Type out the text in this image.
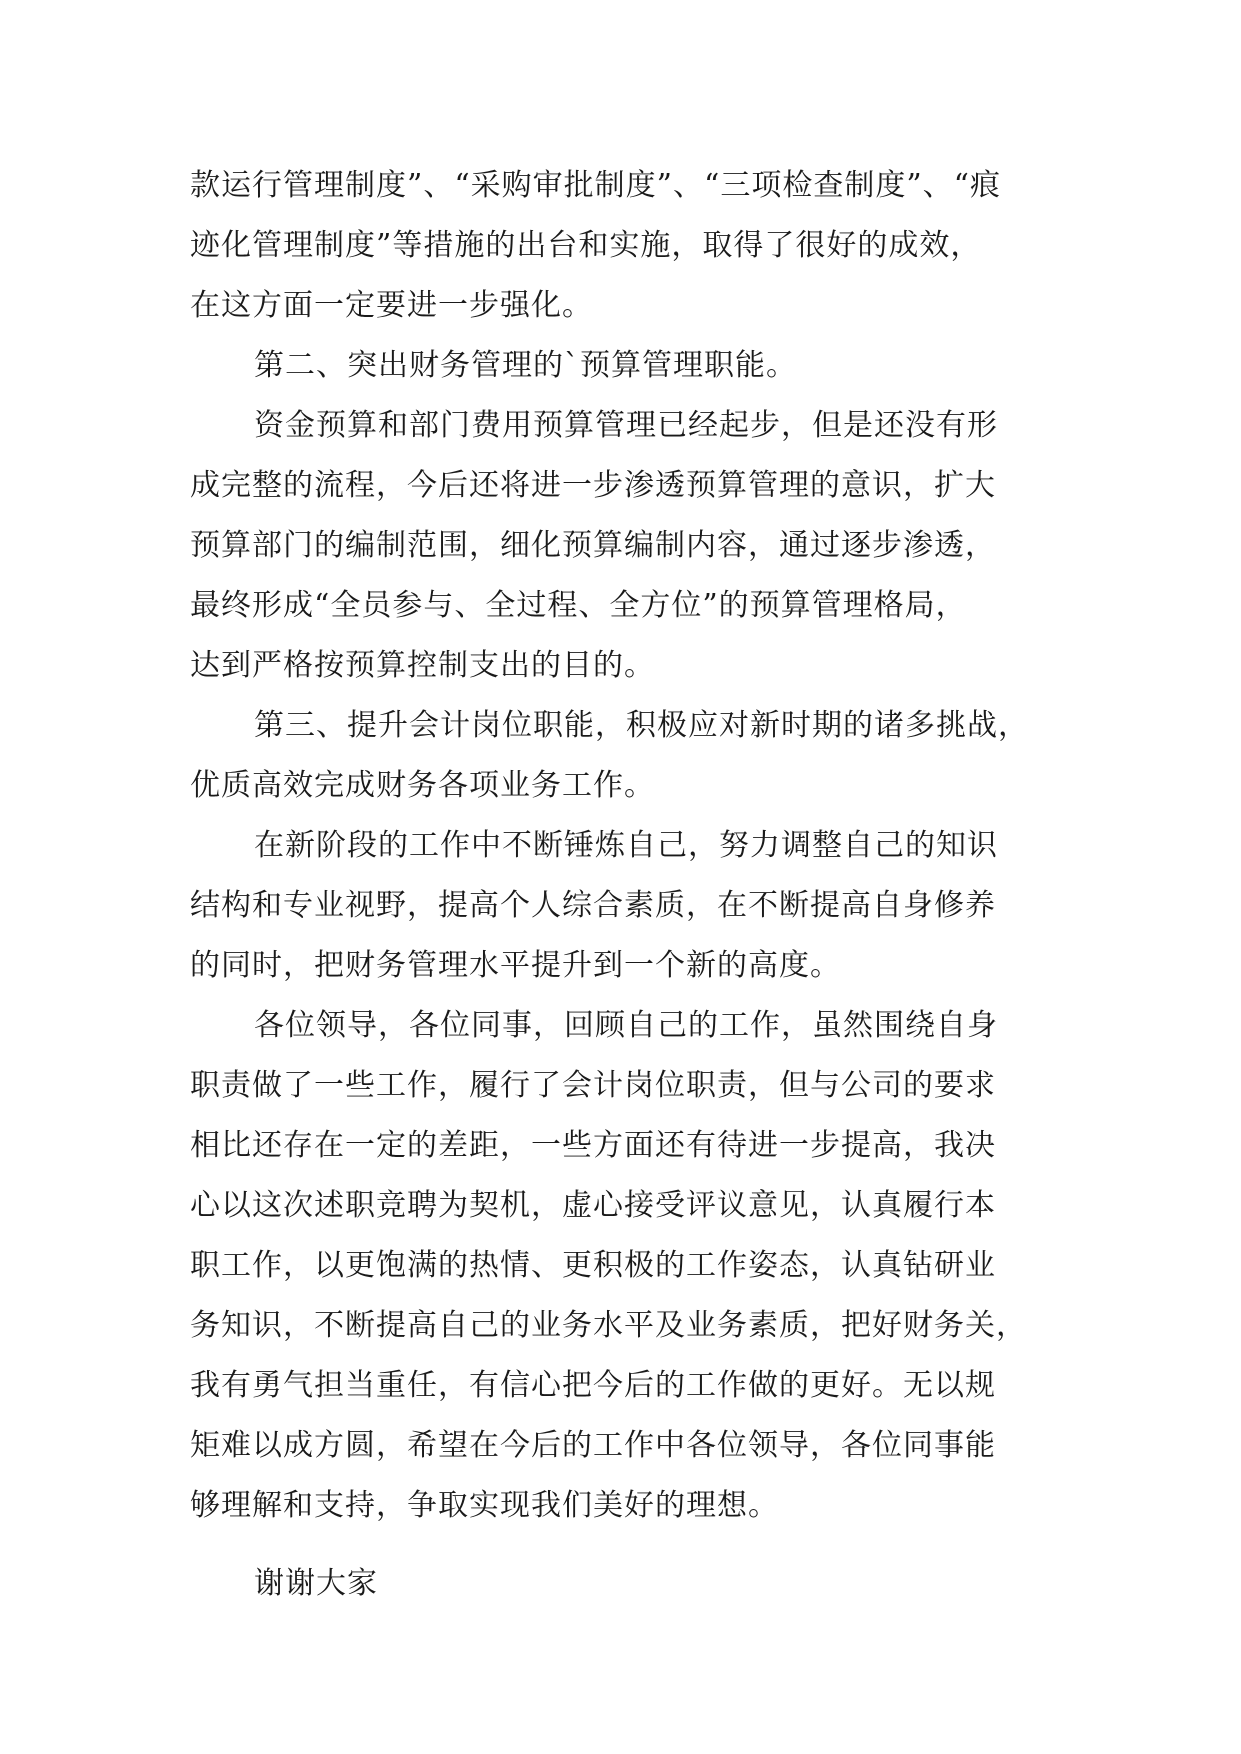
款运行管理制度”、“采购审批制度”、“三项检查制度”、“痕
迹化管理制度”等措施的出台和实施，取得了很好的成效，
在这方面一定要进一步强化。
第二、突出财务管理的`预算管理职能。
资金预算和部门费用预算管理已经起步，但是还没有形
成完整的流程，今后还将进一步渗透预算管理的意识，扩大
预算部门的编制范围，细化预算编制内容，通过逐步渗透，
最终形成“全员参与、全过程、全方位”的预算管理格局，
达到严格按预算控制支出的目的。
第三、提升会计岗位职能，积极应对新时期的诸多挑战，
优质高效完成财务各项业务工作。
在新阶段的工作中不断锤炼自己，努力调整自己的知识
结构和专业视野，提高个人综合素质，在不断提高自身修养
的同时，把财务管理水平提升到一个新的高度。
各位领导，各位同事，回顾自己的工作，虽然围绕自身
职责做了一些工作，履行了会计岗位职责，但与公司的要求
相比还存在一定的差距，一些方面还有待进一步提高，我决
心以这次述职竞聘为契机，虚心接受评议意见，认真履行本
职工作，以更饱满的热情、更积极的工作姿态，认真钻研业
务知识，不断提高自己的业务水平及业务素质，把好财务关，
我有勇气担当重任，有信心把今后的工作做的更好。无以规
矩难以成方圆，希望在今后的工作中各位领导，各位同事能
够理解和支持，争取实现我们美好的理想。
谢谢大家
